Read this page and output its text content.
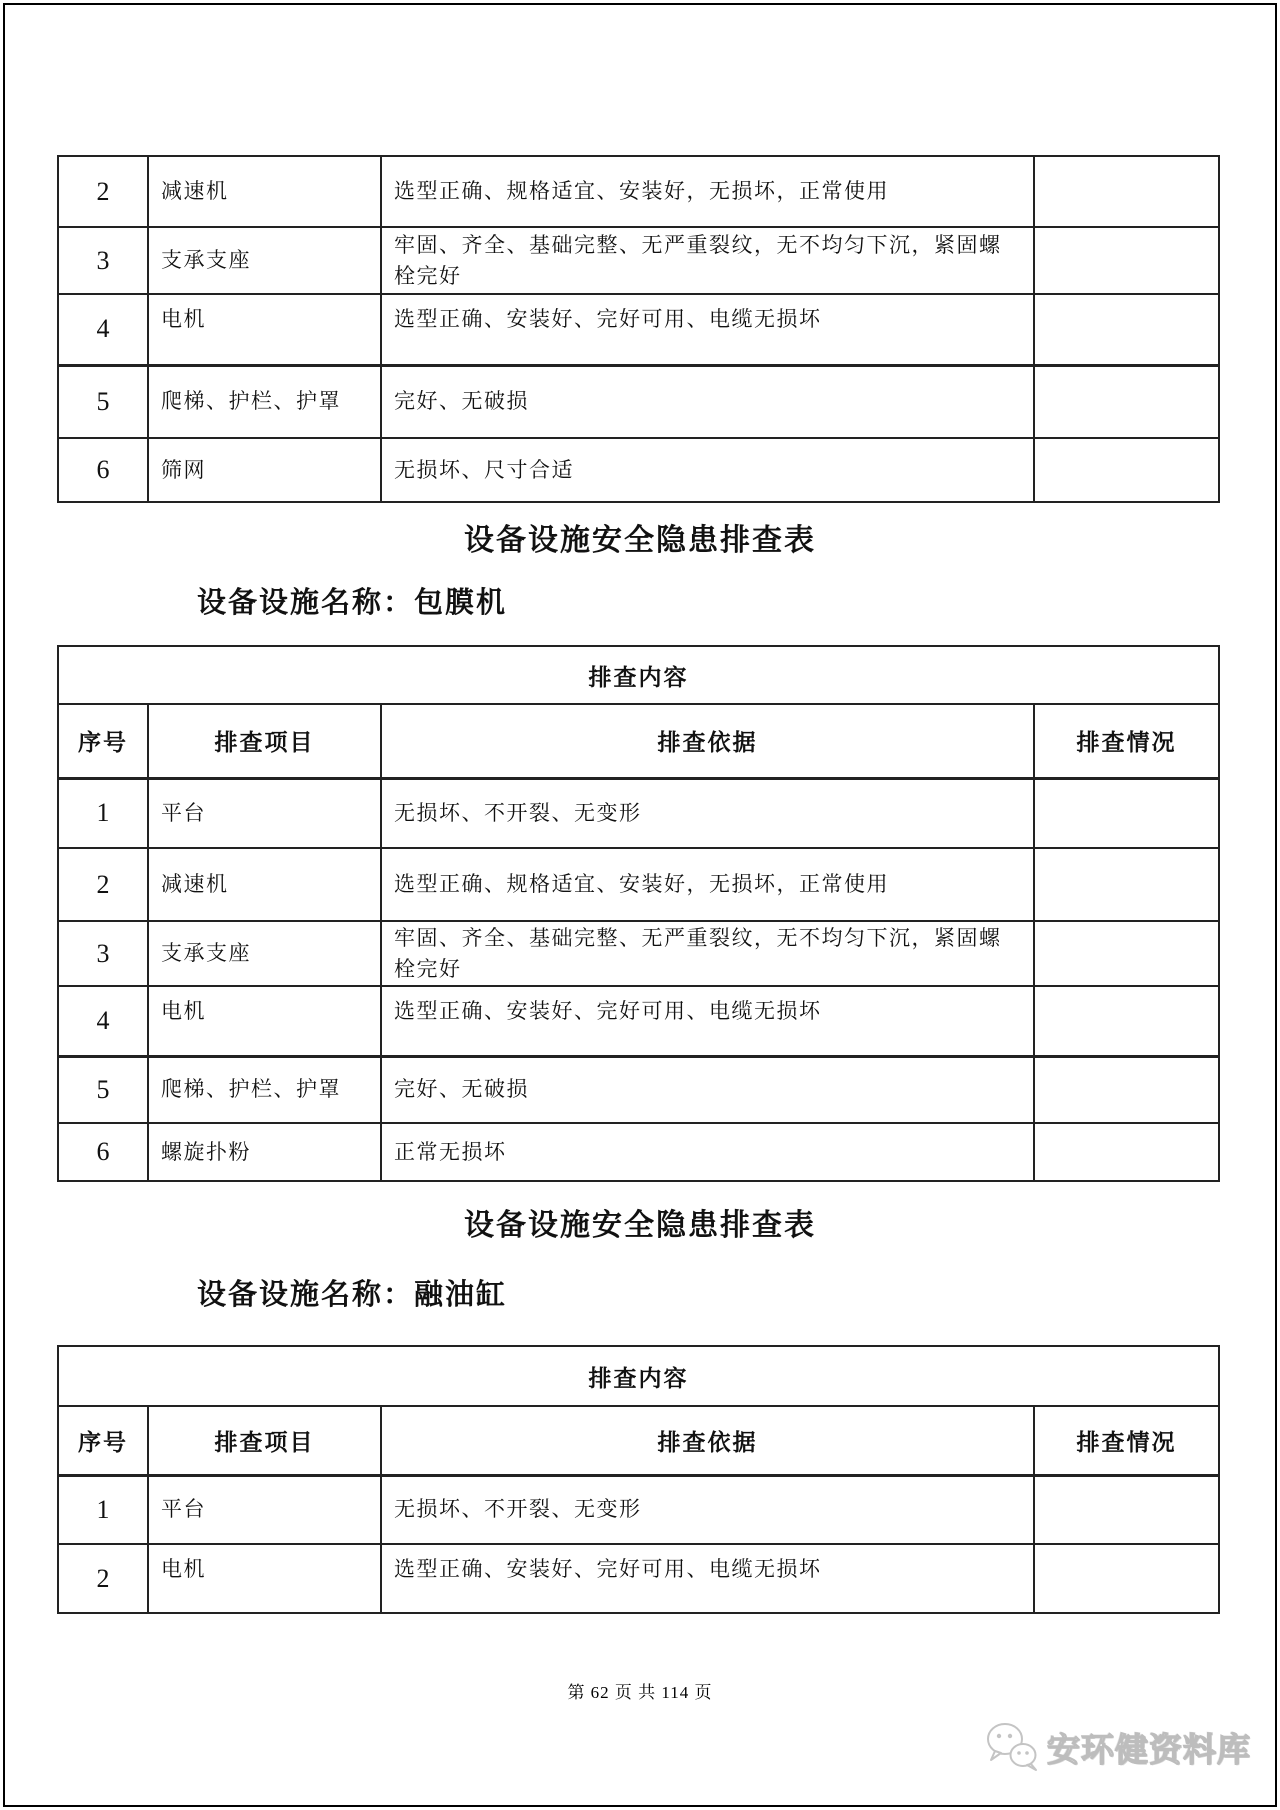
2	减速机	选型正确、规格适宜、安装好，无损坏，正常使用	
3	支承支座	牢固、齐全、基础完整、无严重裂纹，无不均匀下沉，紧固螺栓完好	
4	电机	选型正确、安装好、完好可用、电缆无损坏	
5	爬梯、护栏、护罩	完好、无破损	
6	筛网	无损坏、尺寸合适	
设备设施安全隐患排查表
设备设施名称：包膜机
排查内容			
序号	排查项目	排查依据	排查情况
1	平台	无损坏、不开裂、无变形	
2	减速机	选型正确、规格适宜、安装好，无损坏，正常使用	
3	支承支座	牢固、齐全、基础完整、无严重裂纹，无不均匀下沉，紧固螺栓完好	
4	电机	选型正确、安装好、完好可用、电缆无损坏	
5	爬梯、护栏、护罩	完好、无破损	
6	螺旋扑粉	正常无损坏	
设备设施安全隐患排查表
设备设施名称：融油缸
排查内容			
序号	排查项目	排查依据	排查情况
1	平台	无损坏、不开裂、无变形	
2	电机	选型正确、安装好、完好可用、电缆无损坏	
第 62 页 共 114 页
安环健资料库
